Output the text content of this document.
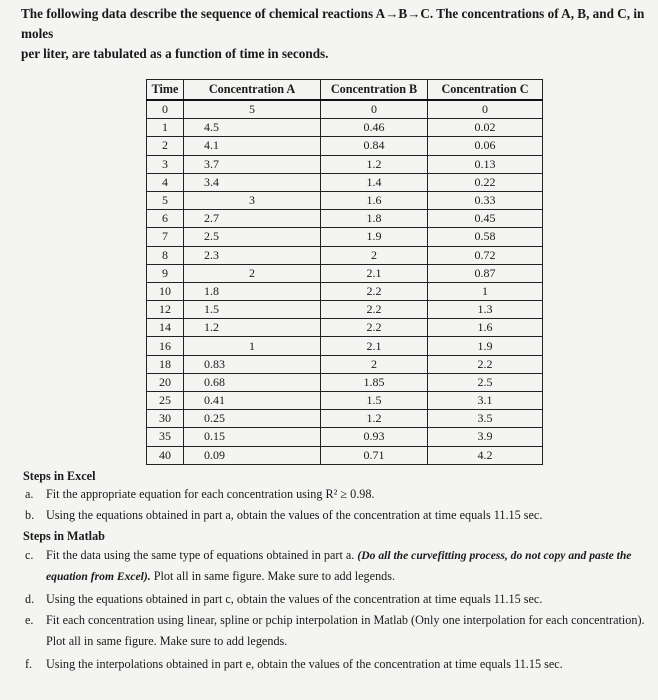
The following data describe the sequence of chemical reactions A→B→C. The concentrations of A, B, and C, in moles
per liter, are tabulated as a function of time in seconds.
Time	Concentration A	Concentration B	Concentration C
0	5	0	0
1	4.5	0.46	0.02
2	4.1	0.84	0.06
3	3.7	1.2	0.13
4	3.4	1.4	0.22
5	3	1.6	0.33
6	2.7	1.8	0.45
7	2.5	1.9	0.58
8	2.3	2	0.72
9	2	2.1	0.87
10	1.8	2.2	1
12	1.5	2.2	1.3
14	1.2	2.2	1.6
16	1	2.1	1.9
18	0.83	2	2.2
20	0.68	1.85	2.5
25	0.41	1.5	3.1
30	0.25	1.2	3.5
35	0.15	0.93	3.9
40	0.09	0.71	4.2
Steps in Excel
a. Fit the appropriate equation for each concentration using R² ≥ 0.98.
b. Using the equations obtained in part a, obtain the values of the concentration at time equals 11.15 sec.
Steps in Matlab
c. Fit the data using the same type of equations obtained in part a. (Do all the curvefitting process, do not copy and paste the equation from Excel). Plot all in same figure. Make sure to add legends.
d. Using the equations obtained in part c, obtain the values of the concentration at time equals 11.15 sec.
e. Fit each concentration using linear, spline or pchip interpolation in Matlab (Only one interpolation for each concentration). Plot all in same figure. Make sure to add legends.
f. Using the interpolations obtained in part e, obtain the values of the concentration at time equals 11.15 sec.
